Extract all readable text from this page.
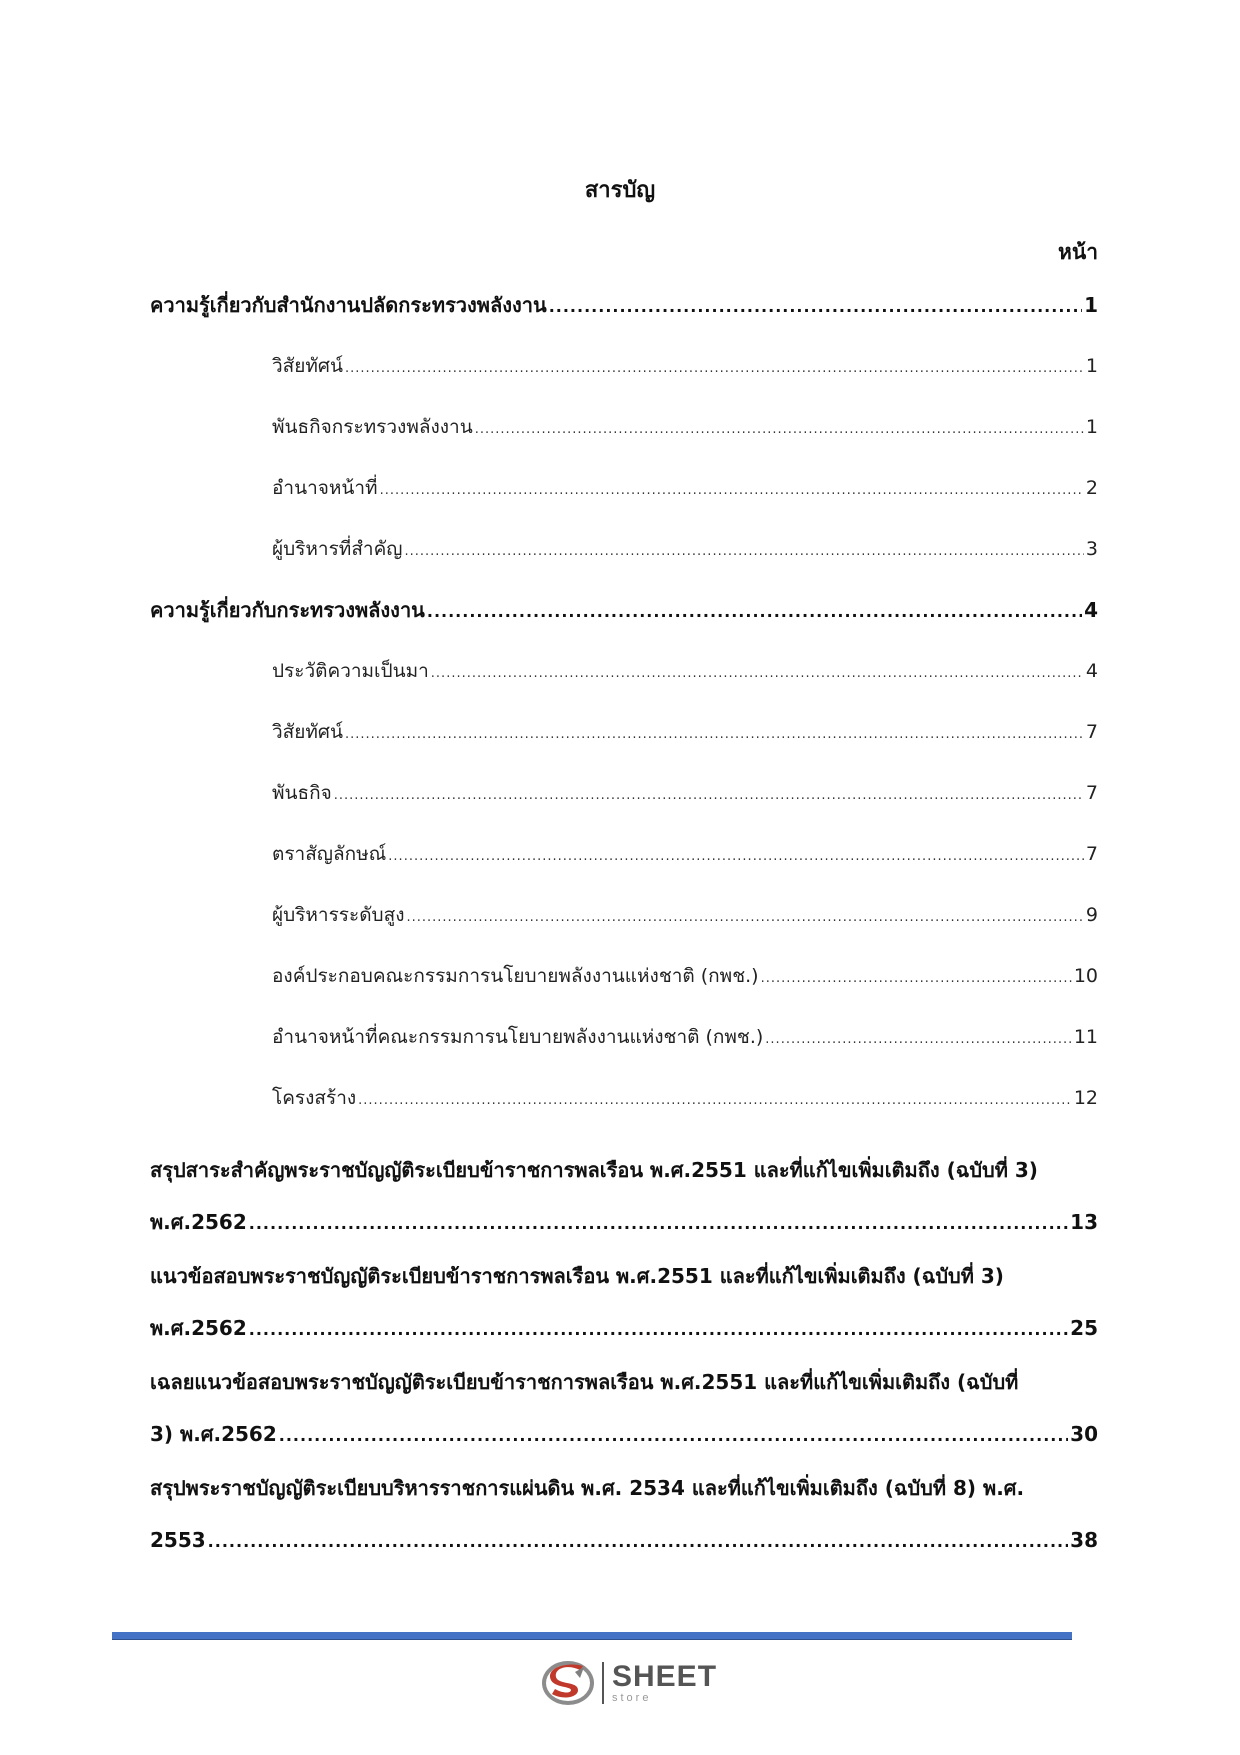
สารบัญ
หน้า
ความรู้เกี่ยวกับสำนักงานปลัดกระทรวงพลังงาน .....	1
วิสัยทัศน์ .....	1
พันธกิจกระทรวงพลังงาน .....	1
อำนาจหน้าที่ .....	2
ผู้บริหารที่สำคัญ .....	3
ความรู้เกี่ยวกับกระทรวงพลังงาน .....	4
ประวัติความเป็นมา .....	4
วิสัยทัศน์ .....	7
พันธกิจ .....	7
ตราสัญลักษณ์ .....	7
ผู้บริหารระดับสูง .....	9
องค์ประกอบคณะกรรมการนโยบายพลังงานแห่งชาติ (กพช.) .....	10
อำนาจหน้าที่คณะกรรมการนโยบายพลังงานแห่งชาติ (กพช.) .....	11
โครงสร้าง .....	12
สรุปสาระสำคัญพระราชบัญญัติระเบียบข้าราชการพลเรือน พ.ศ.2551 และที่แก้ไขเพิ่มเติมถึง (ฉบับที่ 3)
พ.ศ.2562 .....	13
แนวข้อสอบพระราชบัญญัติระเบียบข้าราชการพลเรือน พ.ศ.2551 และที่แก้ไขเพิ่มเติมถึง (ฉบับที่ 3)
พ.ศ.2562 .....	25
เฉลยแนวข้อสอบพระราชบัญญัติระเบียบข้าราชการพลเรือน พ.ศ.2551 และที่แก้ไขเพิ่มเติมถึง (ฉบับที่
3) พ.ศ.2562 .....	30
สรุปพระราชบัญญัติระเบียบบริหารราชการแผ่นดิน พ.ศ. 2534 และที่แก้ไขเพิ่มเติมถึง (ฉบับที่ 8) พ.ศ.
2553 .....	38
SHEET
store
